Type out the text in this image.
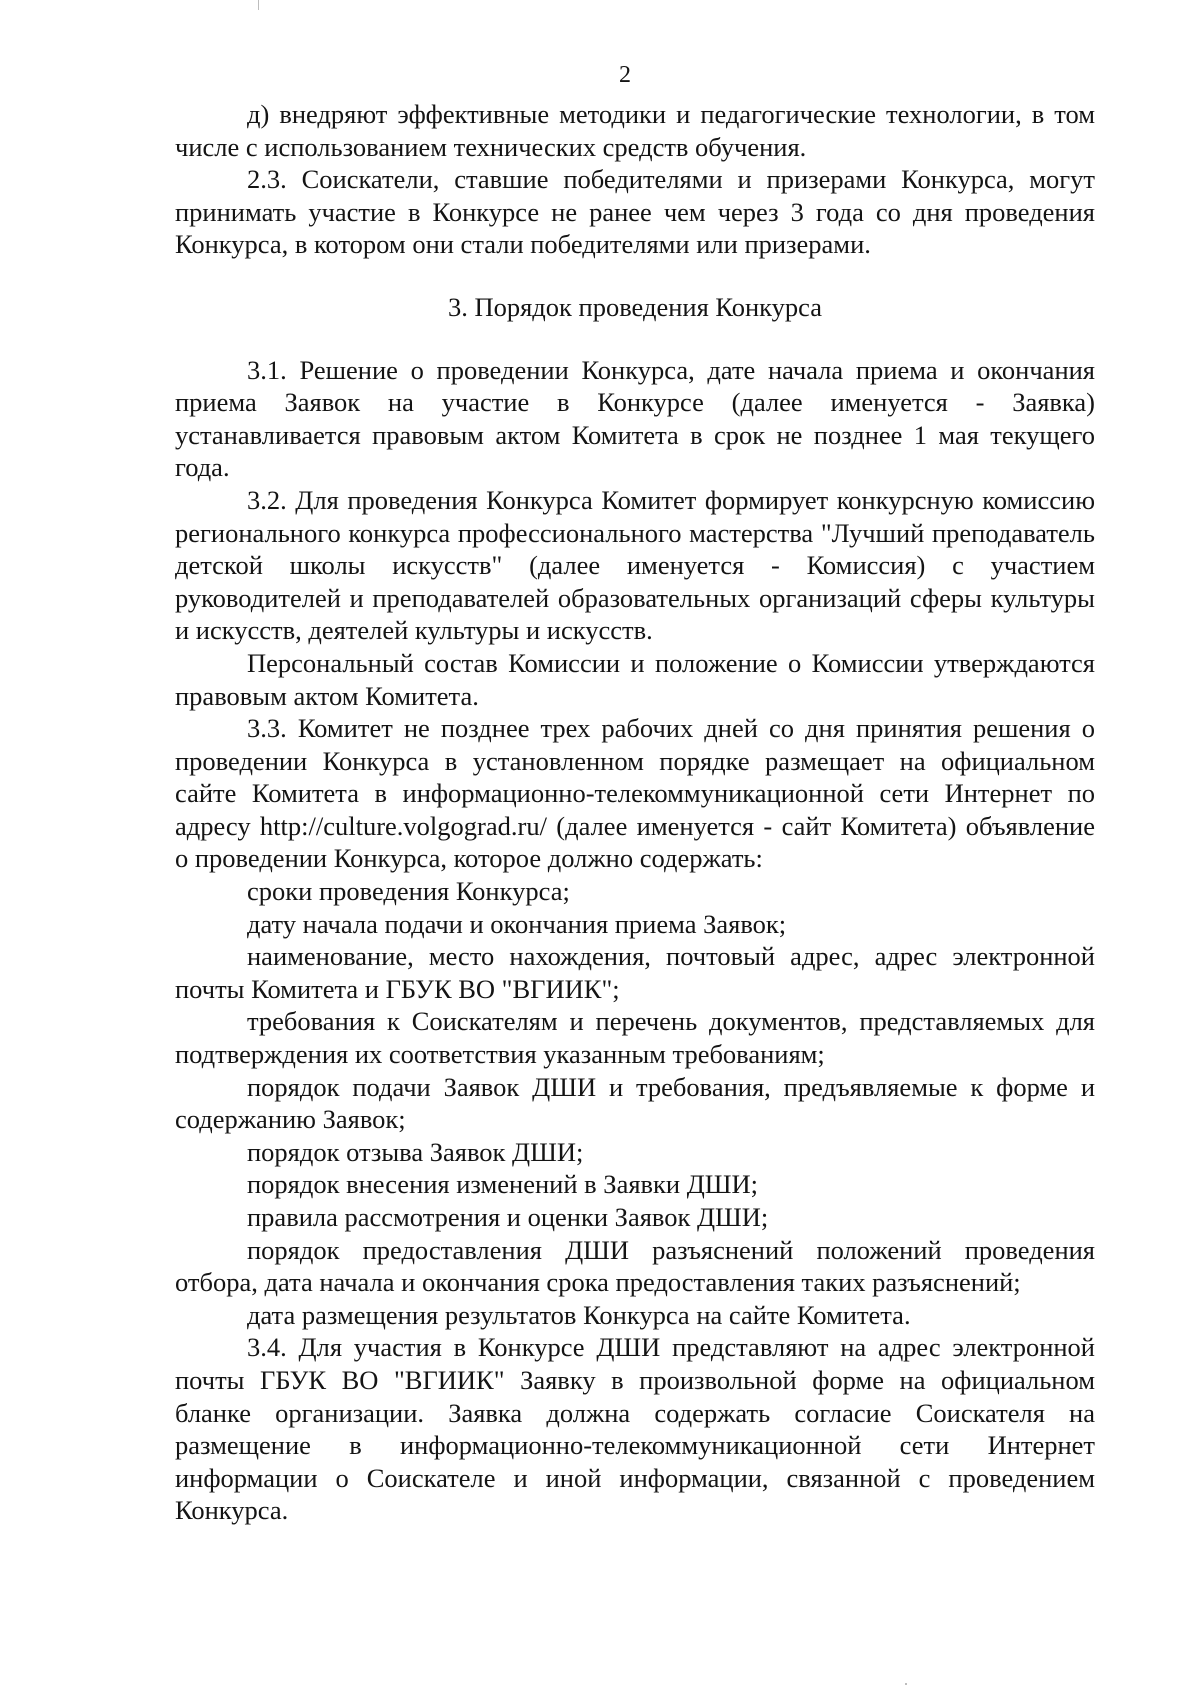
2

д) внедряют эффективные методики и педагогические технологии, в том числе с использованием технических средств обучения.

2.3. Соискатели, ставшие победителями и призерами Конкурса, могут принимать участие в Конкурсе не ранее чем через 3 года со дня проведения Конкурса, в котором они стали победителями или призерами.

3. Порядок проведения Конкурса

3.1. Решение о проведении Конкурса, дате начала приема и окончания приема Заявок на участие в Конкурсе (далее именуется - Заявка) устанавливается правовым актом Комитета в срок не позднее 1 мая текущего года.

3.2. Для проведения Конкурса Комитет формирует конкурсную комиссию регионального конкурса профессионального мастерства "Лучший преподаватель детской школы искусств" (далее именуется - Комиссия) с участием руководителей и преподавателей образовательных организаций сферы культуры и искусств, деятелей культуры и искусств.

Персональный состав Комиссии и положение о Комиссии утверждаются правовым актом Комитета.

3.3. Комитет не позднее трех рабочих дней со дня принятия решения о проведении Конкурса в установленном порядке размещает на официальном сайте Комитета в информационно-телекоммуникационной сети Интернет по адресу http://culture.volgograd.ru/ (далее именуется - сайт Комитета) объявление о проведении Конкурса, которое должно содержать:

сроки проведения Конкурса;

дату начала подачи и окончания приема Заявок;

наименование, место нахождения, почтовый адрес, адрес электронной почты Комитета и ГБУК ВО "ВГИИК";

требования к Соискателям и перечень документов, представляемых для подтверждения их соответствия указанным требованиям;

порядок подачи Заявок ДШИ и требования, предъявляемые к форме и содержанию Заявок;

порядок отзыва Заявок ДШИ;

порядок внесения изменений в Заявки ДШИ;

правила рассмотрения и оценки Заявок ДШИ;

порядок предоставления ДШИ разъяснений положений проведения отбора, дата начала и окончания срока предоставления таких разъяснений;

дата размещения результатов Конкурса на сайте Комитета.

3.4. Для участия в Конкурсе ДШИ представляют на адрес электронной почты ГБУК ВО "ВГИИК" Заявку в произвольной форме на официальном бланке организации. Заявка должна содержать согласие Соискателя на размещение в информационно-телекоммуникационной сети Интернет информации о Соискателе и иной информации, связанной с проведением Конкурса.
